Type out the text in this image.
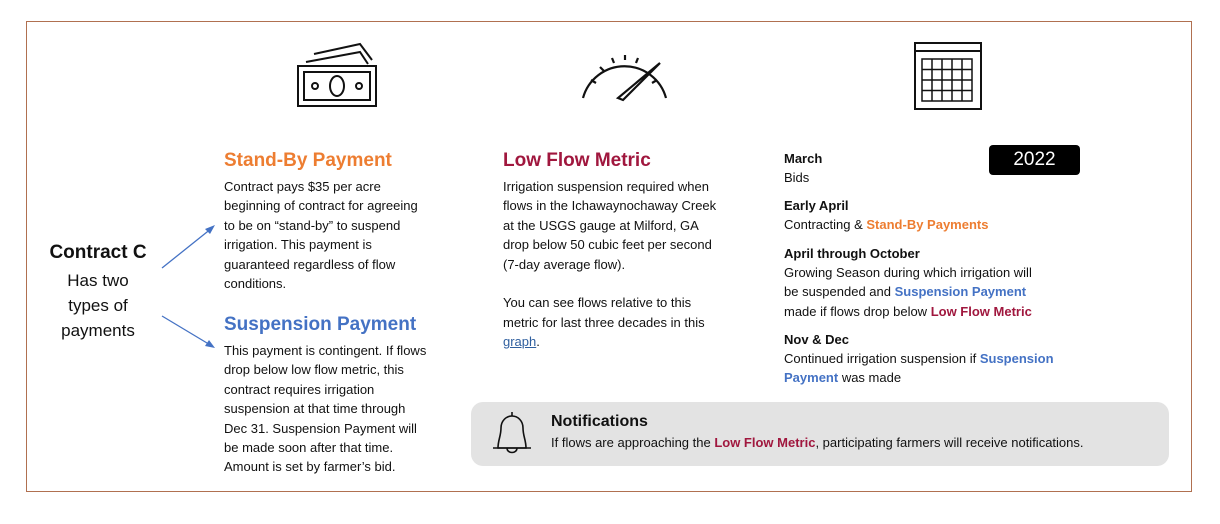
Contract C
Has two
types of
payments
Stand-By Payment
Contract pays $35 per acre
beginning of contract for agreeing
to be on “stand-by” to suspend
irrigation. This payment is
guaranteed regardless of flow
conditions.
Suspension Payment
This payment is contingent. If flows
drop below low flow metric, this
contract requires irrigation
suspension at that time through
Dec 31. Suspension Payment will
be made soon after that time.
Amount is set by farmer’s bid.
Low Flow Metric
Irrigation suspension required when
flows in the Ichawaynochaway Creek
at the USGS gauge at Milford, GA
drop below 50 cubic feet per second
(7-day average flow).
You can see flows relative to this
metric for last three decades in this
graph.
2022
March
Bids
Early April
Contracting & Stand-By Payments
April through October
Growing Season during which irrigation will
be suspended and Suspension Payment
made if flows drop below Low Flow Metric
Nov & Dec
Continued irrigation suspension if Suspension
Payment was made
Notifications
If flows are approaching the Low Flow Metric, participating farmers will receive notifications.
